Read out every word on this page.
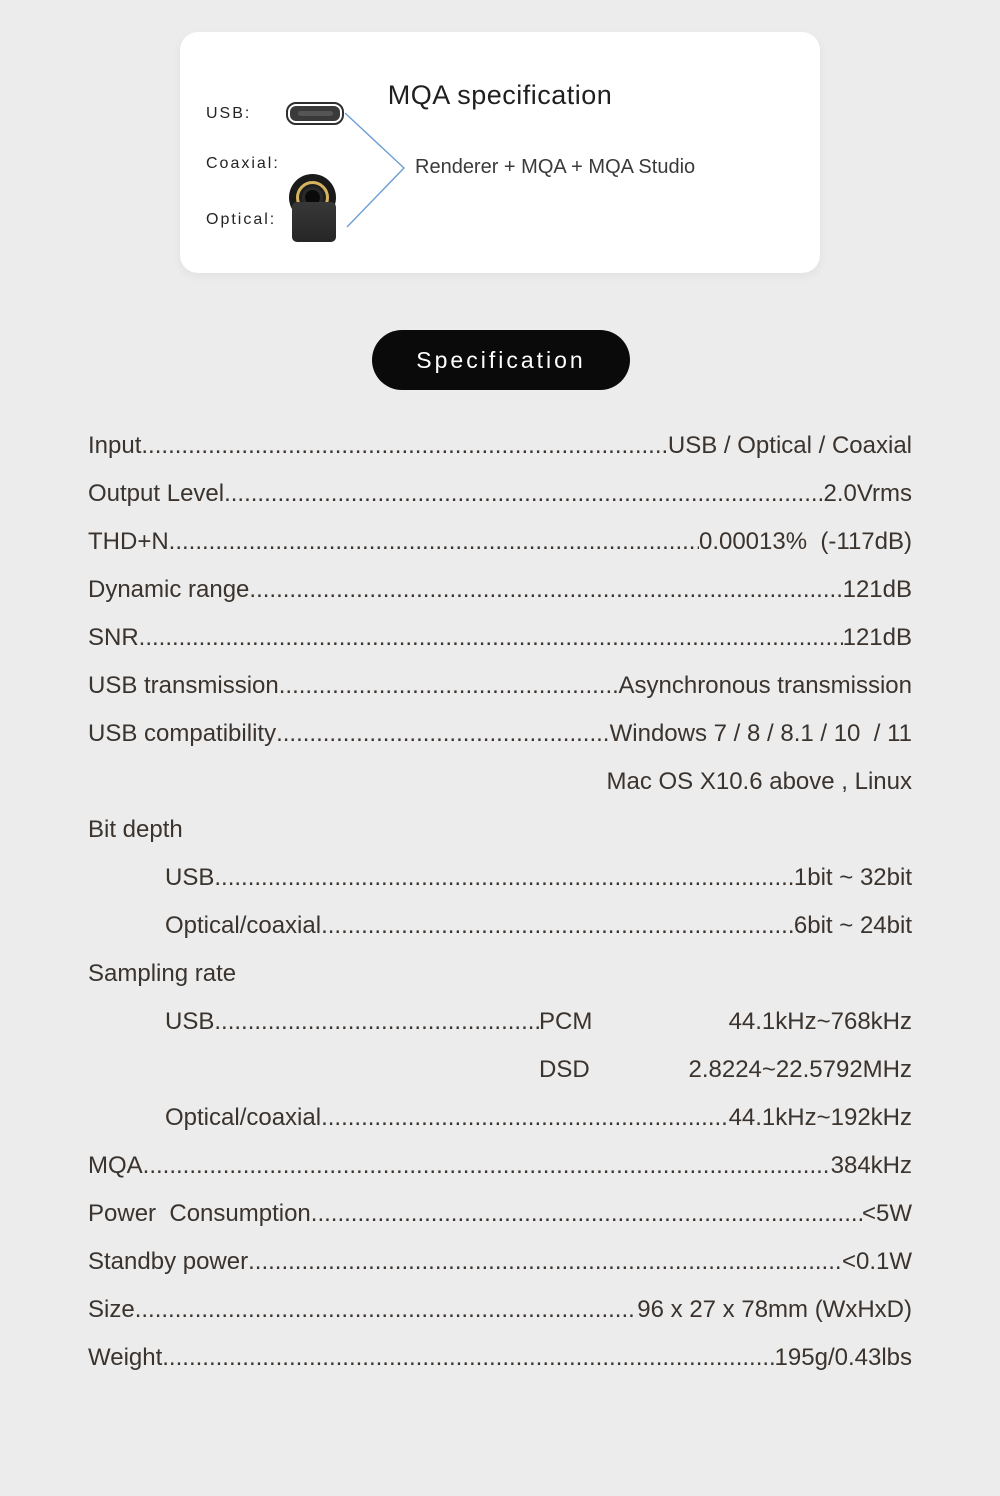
MQA specification
USB:
Coaxial:
Optical:
Renderer + MQA + MQA Studio
Specification
Input .....	USB / Optical / Coaxial
Output Level .....	2.0Vrms
THD+N .....	0.00013%  (-117dB)
Dynamic range .....	121dB
SNR .....	121dB
USB transmission .....	Asynchronous transmission
USB compatibility .....	Windows 7 / 8 / 8.1 / 10  / 11
Mac OS X10.6 above , Linux
Bit depth
USB .....	1bit ~ 32bit
Optical/coaxial .....	6bit ~ 24bit
Sampling rate
USB .....	PCM	44.1kHz~768kHz
DSD	2.8224~22.5792MHz
Optical/coaxial .....	44.1kHz~192kHz
MQA .....	384kHz
Power  Consumption .....	<5W
Standby power .....	<0.1W
Size .....	96 x 27 x 78mm (WxHxD)
Weight .....	195g/0.43lbs
